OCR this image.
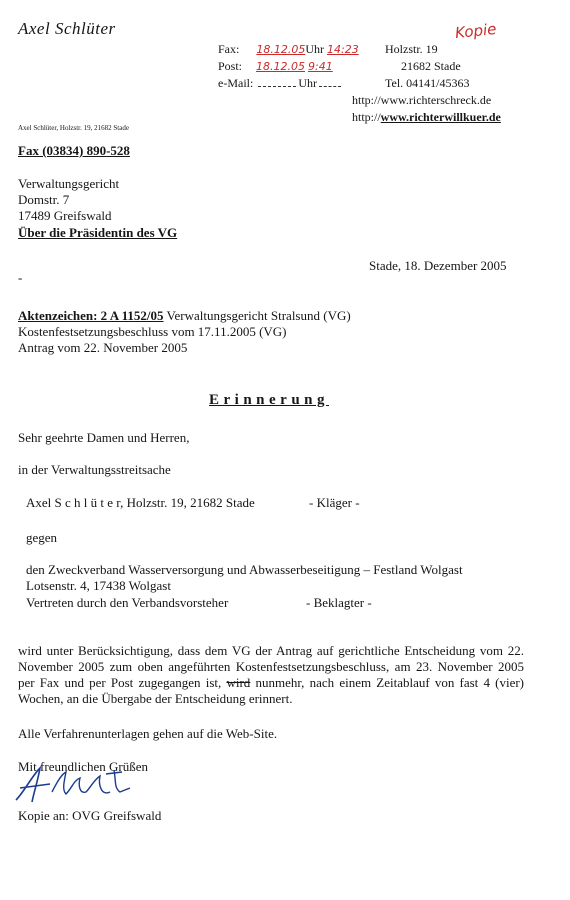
Axel Schlüter	Kopie
Fax: 18.12.05Uhr 14:23
Post: 18.12.05 9:41
e-Mail:	Uhr
Holzstr. 19
21682 Stade
Tel. 04141/45363
http://www.richterschreck.de
http://www.richterwillkuer.de
Axel Schlüter, Holzstr. 19, 21682 Stade
Fax (03834) 890-528
Verwaltungsgericht
Domstr. 7
17489 Greifswald
Über die Präsidentin des VG
Stade, 18. Dezember 2005
-
Aktenzeichen: 2 A 1152/05 Verwaltungsgericht Stralsund (VG)
Kostenfestsetzungsbeschluss vom 17.11.2005 (VG)
Antrag vom 22. November 2005
Erinnerung
Sehr geehrte Damen und Herren,
in der Verwaltungsstreitsache
Axel S c h l ü t e r, Holzstr. 19, 21682 Stade	- Kläger -
gegen
den Zweckverband Wasserversorgung und Abwasserbeseitigung – Festland Wolgast
Lotsenstr. 4, 17438 Wolgast
Vertreten durch den Verbandsvorsteher	- Beklagter -
wird unter Berücksichtigung, dass dem VG der Antrag auf gerichtliche Entscheidung vom 22. November 2005 zum oben angeführten Kostenfestsetzungsbeschluss, am 23. November 2005 per Fax und per Post zugegangen ist, wird nunmehr, nach einem Zeitablauf von fast 4 (vier) Wochen, an die Übergabe der Entscheidung erinnert.
Alle Verfahrenunterlagen gehen auf die Web-Site.
Mit freundlichen Grüßen
Kopie an: OVG Greifswald
